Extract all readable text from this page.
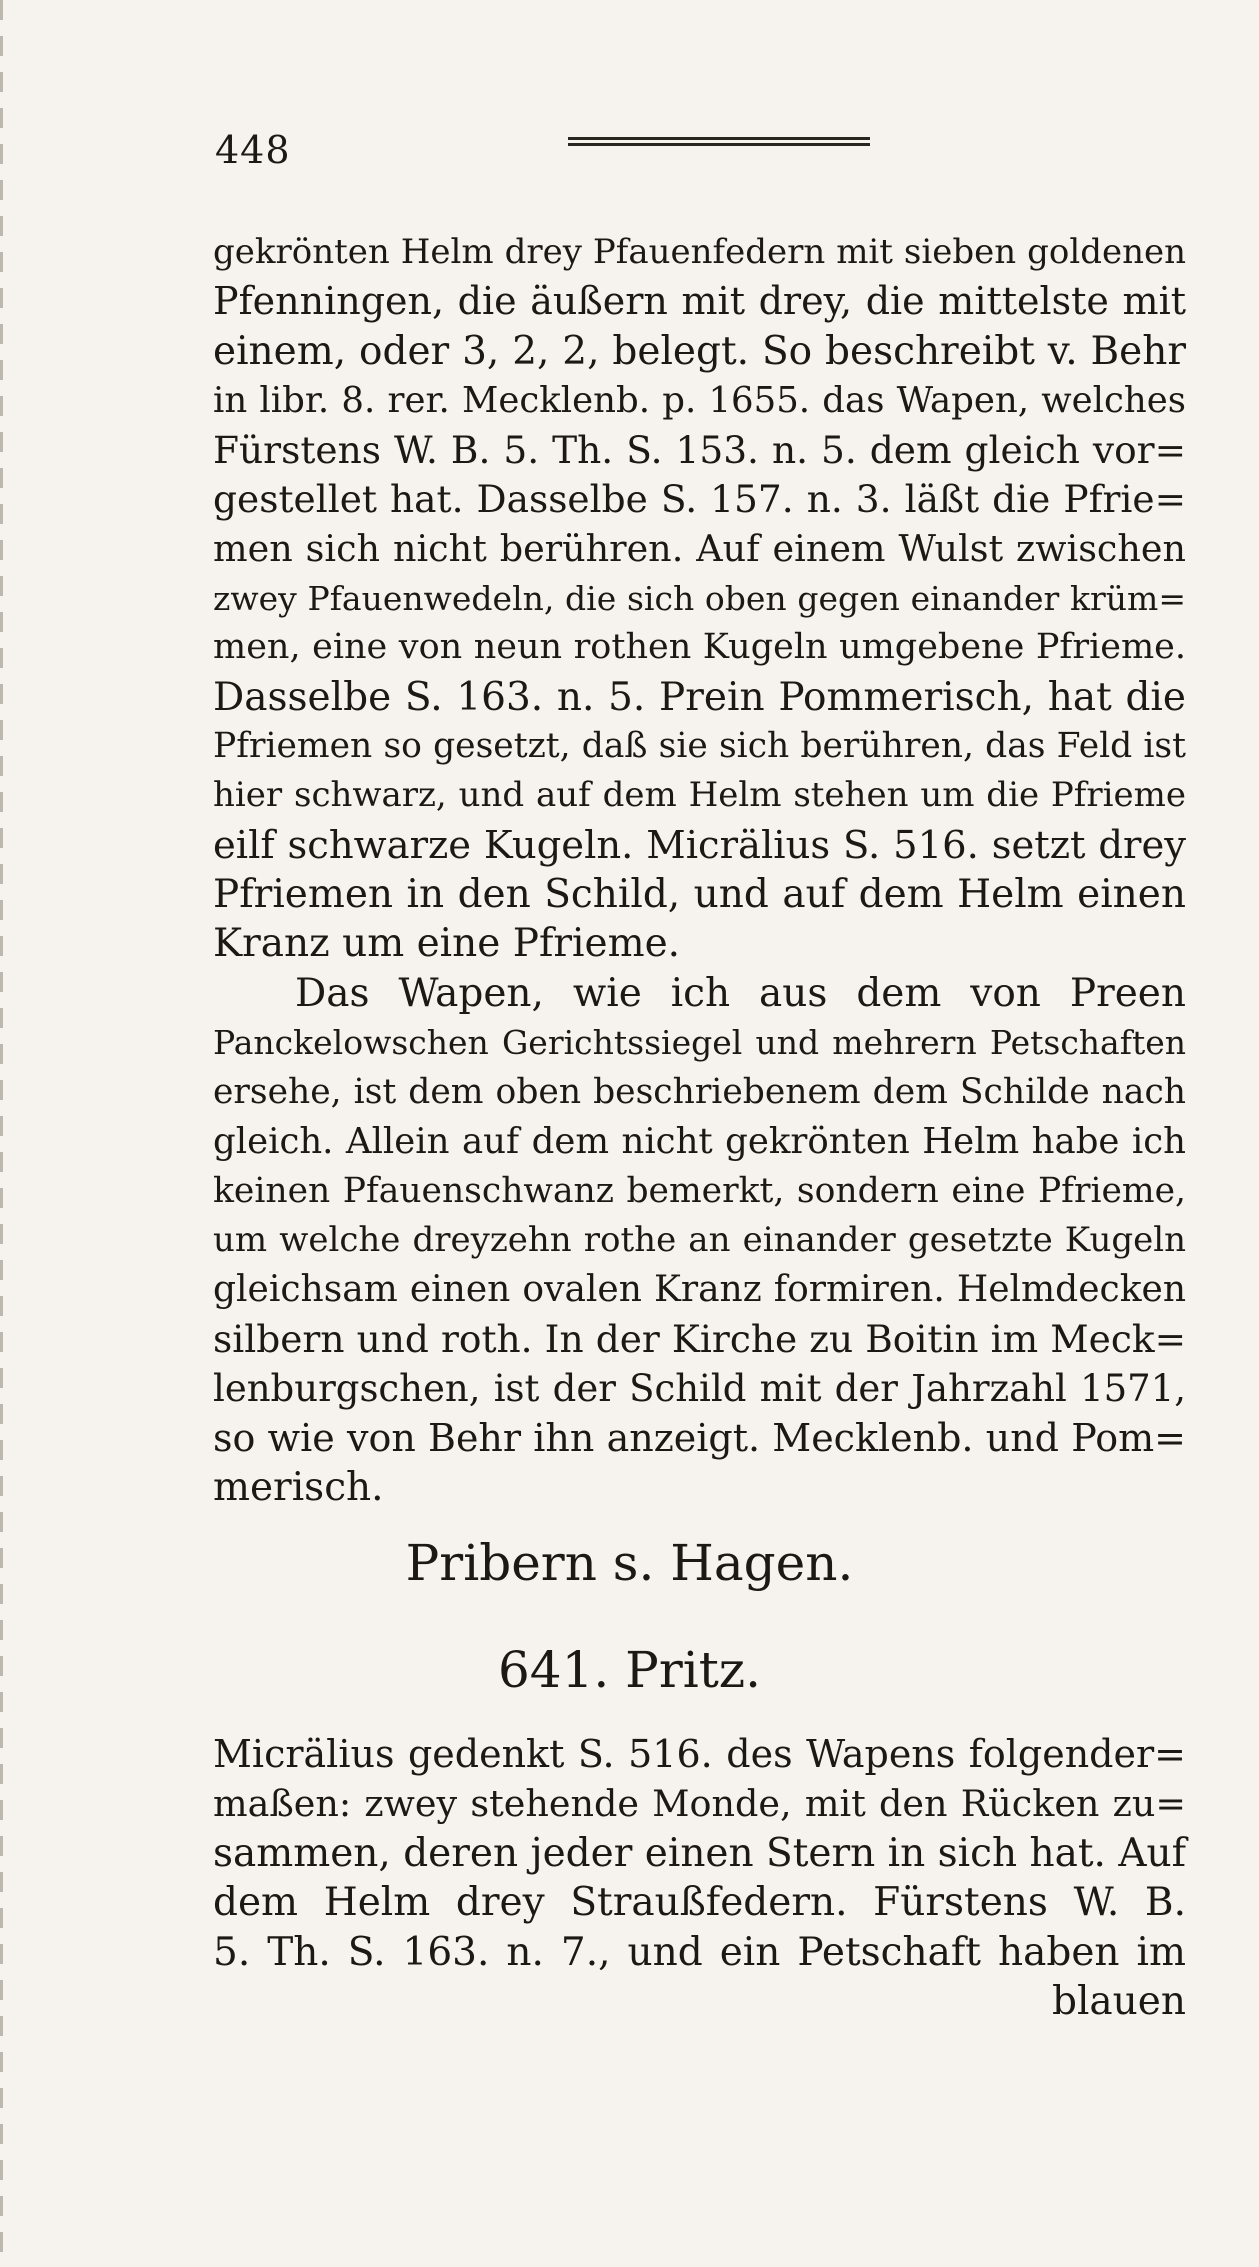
448
gekrönten Helm drey Pfauenfedern mit sieben goldenen
Pfenningen, die äußern mit drey, die mittelste mit
einem, oder 3, 2, 2, belegt. So beschreibt v. Behr
in libr. 8. rer. Mecklenb. p. 1655. das Wapen, welches
Fürstens W. B. 5. Th. S. 153. n. 5. dem gleich vor=
gestellet hat. Dasselbe S. 157. n. 3. läßt die Pfrie=
men sich nicht berühren. Auf einem Wulst zwischen
zwey Pfauenwedeln, die sich oben gegen einander krüm=
men, eine von neun rothen Kugeln umgebene Pfrieme.
Dasselbe S. 163. n. 5. Prein Pommerisch, hat die
Pfriemen so gesetzt, daß sie sich berühren, das Feld ist
hier schwarz, und auf dem Helm stehen um die Pfrieme
eilf schwarze Kugeln. Micrälius S. 516. setzt drey
Pfriemen in den Schild, und auf dem Helm einen
Kranz um eine Pfrieme.
Das Wapen, wie ich aus dem von Preen
Panckelowschen Gerichtssiegel und mehrern Petschaften
ersehe, ist dem oben beschriebenem dem Schilde nach
gleich. Allein auf dem nicht gekrönten Helm habe ich
keinen Pfauenschwanz bemerkt, sondern eine Pfrieme,
um welche dreyzehn rothe an einander gesetzte Kugeln
gleichsam einen ovalen Kranz formiren. Helmdecken
silbern und roth. In der Kirche zu Boitin im Meck=
lenburgschen, ist der Schild mit der Jahrzahl 1571,
so wie von Behr ihn anzeigt. Mecklenb. und Pom=
merisch.
Pribern s. Hagen.
641. Pritz.
Micrälius gedenkt S. 516. des Wapens folgender=
maßen: zwey stehende Monde, mit den Rücken zu=
sammen, deren jeder einen Stern in sich hat. Auf
dem Helm drey Straußfedern. Fürstens W. B.
5. Th. S. 163. n. 7., und ein Petschaft haben im
blauen
